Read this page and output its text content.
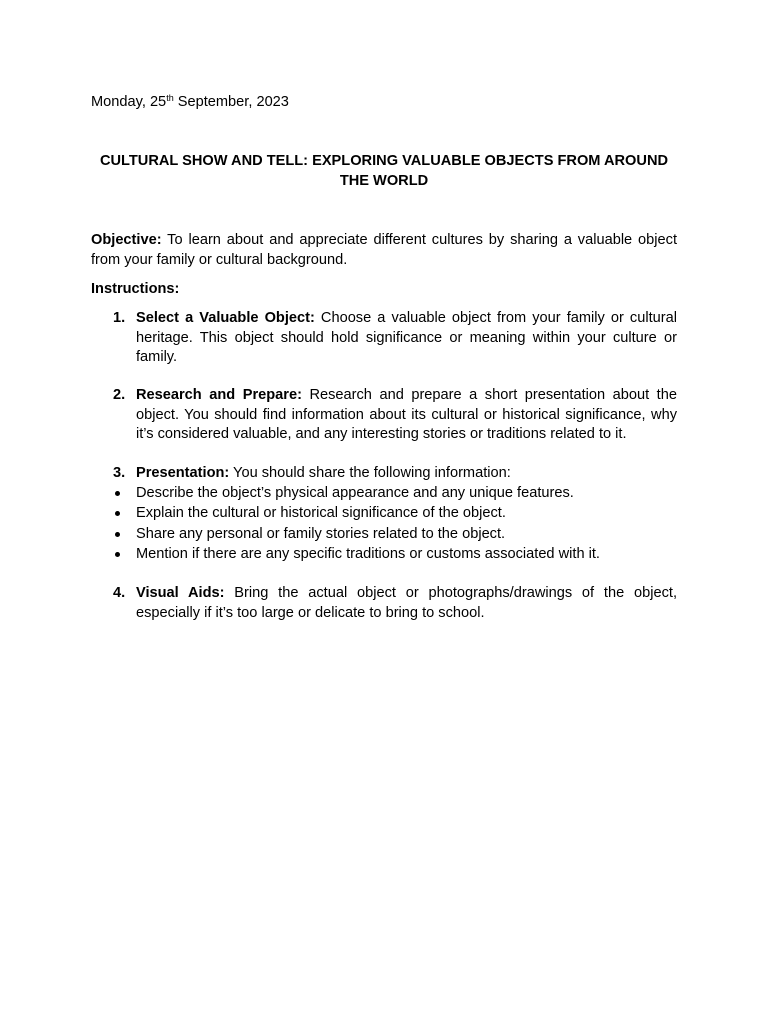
Monday, 25th September, 2023
CULTURAL SHOW AND TELL: EXPLORING VALUABLE OBJECTS FROM AROUND THE WORLD
Objective: To learn about and appreciate different cultures by sharing a valuable object from your family or cultural background.
Instructions:
1. Select a Valuable Object: Choose a valuable object from your family or cultural heritage. This object should hold significance or meaning within your culture or family.
2. Research and Prepare: Research and prepare a short presentation about the object. You should find information about its cultural or historical significance, why it’s considered valuable, and any interesting stories or traditions related to it.
3. Presentation: You should share the following information:
Describe the object’s physical appearance and any unique features.
Explain the cultural or historical significance of the object.
Share any personal or family stories related to the object.
Mention if there are any specific traditions or customs associated with it.
4. Visual Aids: Bring the actual object or photographs/drawings of the object, especially if it’s too large or delicate to bring to school.
